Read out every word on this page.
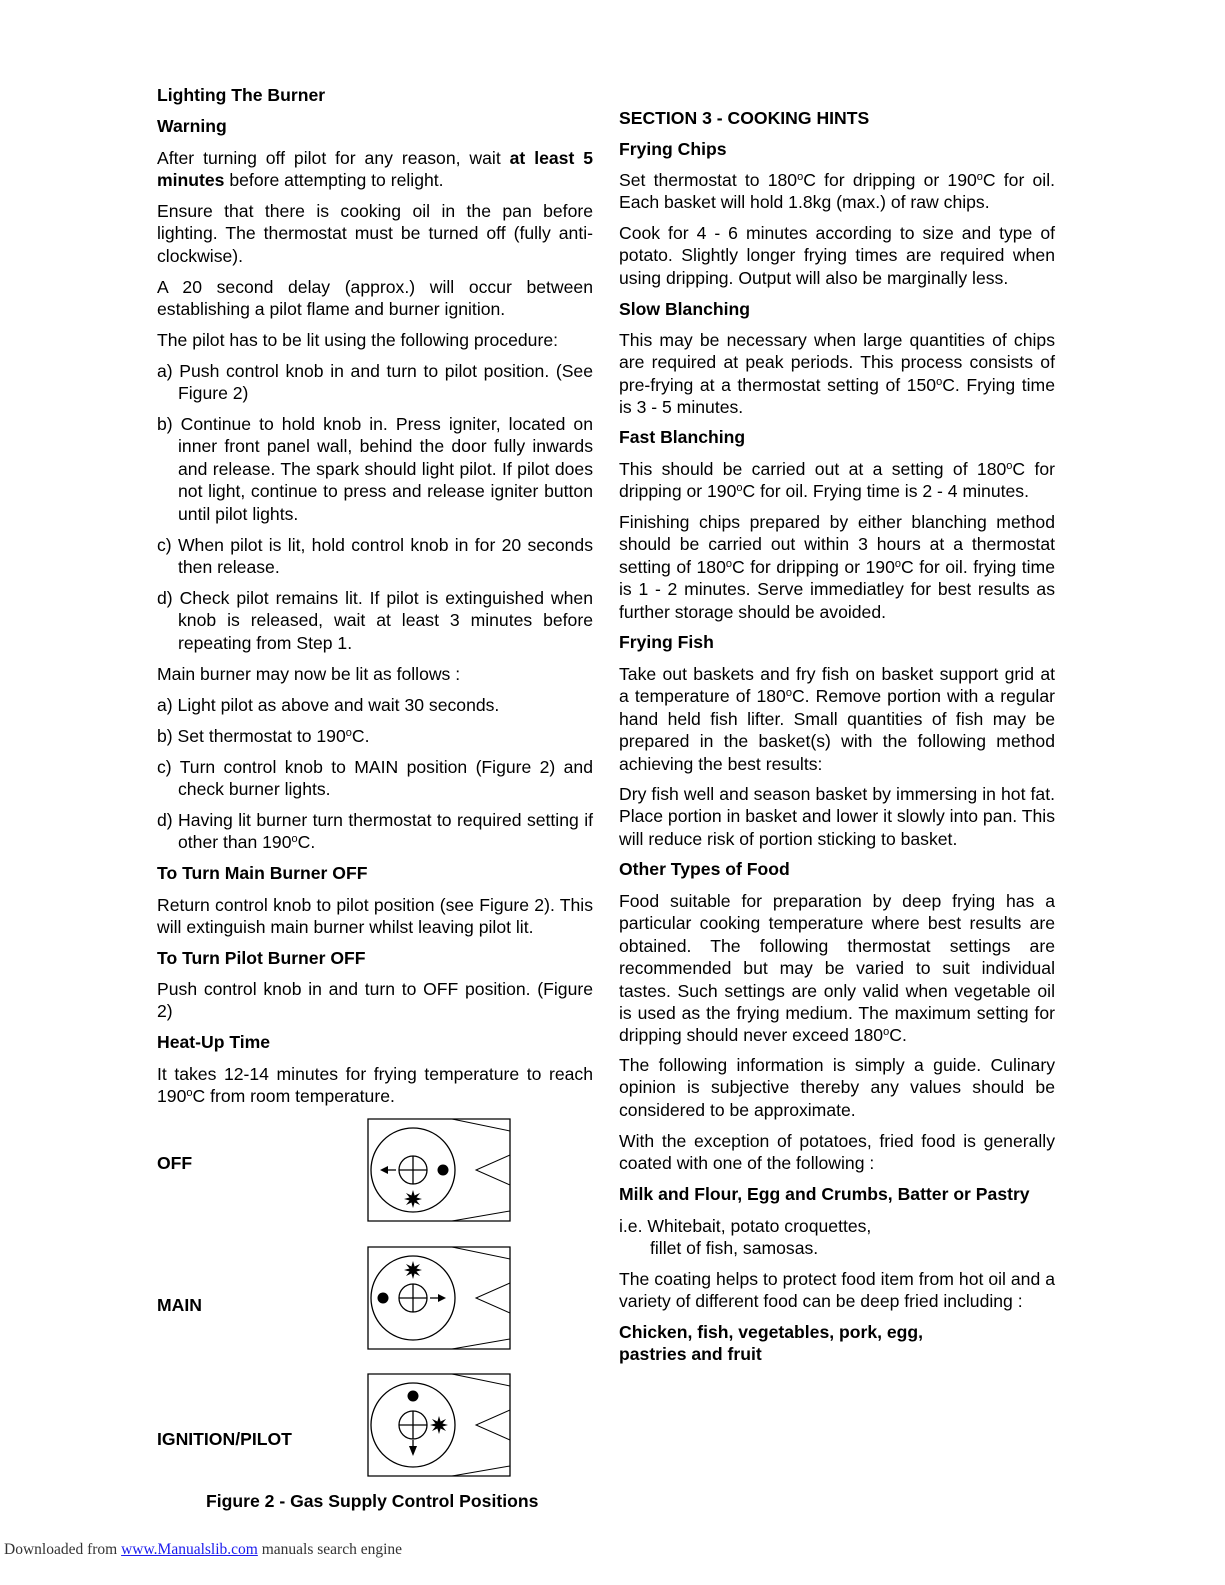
Lighting The Burner
Warning
After turning off pilot for any reason, wait at least 5 minutes before attempting to relight.
Ensure that there is cooking oil in the pan before lighting. The thermostat must be turned off (fully anti-clockwise).
A 20 second delay (approx.) will occur between establishing a pilot flame and burner ignition.
The pilot has to be lit using the following procedure:
a) Push control knob in and turn to pilot position. (See Figure 2)
b) Continue to hold knob in. Press igniter, located on inner front panel wall, behind the door fully inwards and release. The spark should light pilot. If pilot does not light, continue to press and release igniter button until pilot lights.
c) When pilot is lit, hold control knob in for 20 seconds then release.
d) Check pilot remains lit. If pilot is extinguished when knob is released, wait at least 3 minutes before repeating from Step 1.
Main burner may now be lit as follows :
a) Light pilot as above and wait 30 seconds.
b) Set thermostat to 190$^o$C.
c) Turn control knob to MAIN position (Figure 2) and check burner lights.
d) Having lit burner turn thermostat to required setting if other than 190$^o$C.
To Turn Main Burner OFF
Return control knob to pilot position (see Figure 2). This will extinguish main burner whilst leaving pilot lit.
To Turn Pilot Burner OFF
Push control knob in and turn to OFF position. (Figure 2)
Heat-Up Time
It takes 12-14 minutes for frying temperature to reach 190$^o$C from room temperature.
OFF
MAIN
IGNITION/PILOT
Figure 2 - Gas Supply Control Positions
SECTION 3 - COOKING HINTS
Frying Chips
Set thermostat to 180$^o$C for dripping or 190$^o$C for oil. Each basket will hold 1.8kg (max.) of raw chips.
Cook for 4 - 6 minutes according to size and type of potato. Slightly longer frying times are required when using dripping. Output will also be marginally less.
Slow Blanching
This may be necessary when large quantities of chips are required at peak periods. This process consists of pre-frying at a thermostat setting of 150$^o$C. Frying time is 3 - 5 minutes.
Fast Blanching
This should be carried out at a setting of 180$^o$C for dripping or 190$^o$C for oil. Frying time is 2 - 4 minutes.
Finishing chips prepared by either blanching method should be carried out within 3 hours at a thermostat setting of 180$^o$C for dripping or 190$^o$C for oil. frying time is 1 - 2 minutes. Serve immediatley for best results as further storage should be avoided.
Frying Fish
Take out baskets and fry fish on basket support grid at a temperature of 180$^o$C. Remove portion with a regular hand held fish lifter. Small quantities of fish may be prepared in the basket(s) with the following method achieving the best results:
Dry fish well and season basket by immersing in hot fat. Place portion in basket and lower it slowly into pan. This will reduce risk of portion sticking to basket.
Other Types of Food
Food suitable for preparation by deep frying has a particular cooking temperature where best results are obtained. The following thermostat settings are recommended but may be varied to suit individual tastes. Such settings are only valid when vegetable oil is used as the frying medium. The maximum setting for dripping should never exceed 180$^o$C.
The following information is simply a guide. Culinary opinion is subjective thereby any values should be considered to be approximate.
With the exception of potatoes, fried food is generally coated with one of the following :
Milk and Flour, Egg and Crumbs, Batter or Pastry
i.e. Whitebait, potato croquettes,
fillet of fish, samosas.
The coating helps to protect food item from hot oil and a variety of different food can be deep fried including :
Chicken, fish, vegetables, pork, egg,
pastries and fruit
Downloaded from www.Manualslib.com manuals search engine
